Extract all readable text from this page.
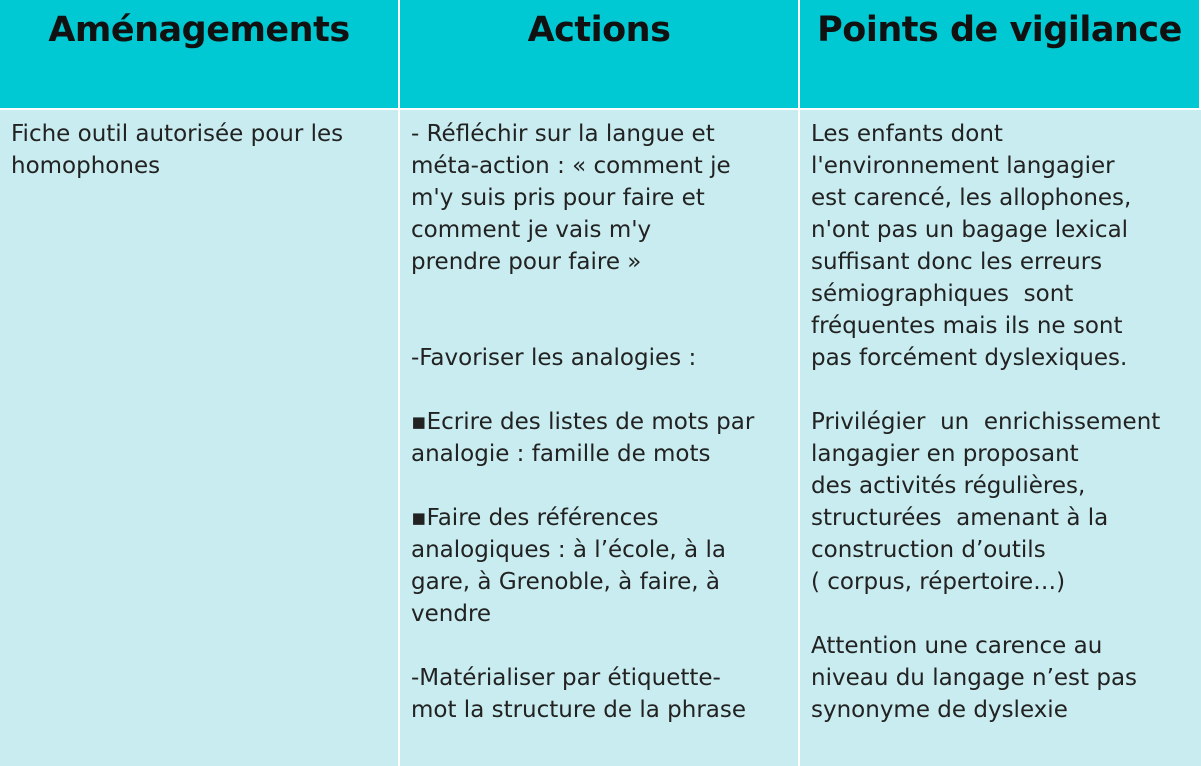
Aménagements	Actions	Points de vigilance
Fiche outil autorisée pour les
homophones
- Réfléchir sur la langue et
méta-action : « comment je
m'y suis pris pour faire et
comment je vais m'y
prendre pour faire »
-Favoriser les analogies :
▪Ecrire des listes de mots par
analogie : famille de mots
▪Faire des références
analogiques : à l’école, à la
gare, à Grenoble, à faire, à
vendre
-Matérialiser par étiquette-
mot la structure de la phrase
Les enfants dont
l'environnement langagier
est carencé, les allophones,
n'ont pas un bagage lexical
suffisant donc les erreurs
sémiographiques  sont
fréquentes mais ils ne sont
pas forcément dyslexiques.
Privilégier  un  enrichissement
langagier en proposant
des activités régulières,
structurées  amenant à la
construction d’outils
( corpus, répertoire…)
Attention une carence au
niveau du langage n’est pas
synonyme de dyslexie
